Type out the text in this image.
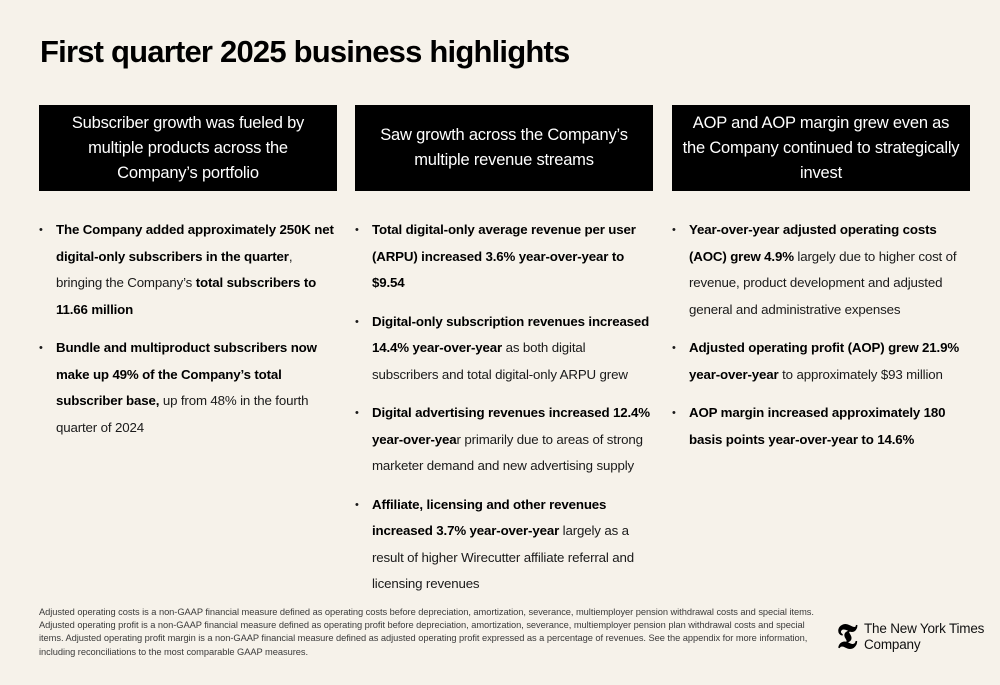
First quarter 2025 business highlights
Subscriber growth was fueled by multiple products across the Company’s portfolio
• The Company added approximately 250K net digital-only subscribers in the quarter, bringing the Company’s total subscribers to 11.66 million
• Bundle and multiproduct subscribers now make up 49% of the Company’s total subscriber base, up from 48% in the fourth quarter of 2024
Saw growth across the Company’s multiple revenue streams
• Total digital-only average revenue per user (ARPU) increased 3.6% year-over-year to $9.54
• Digital-only subscription revenues increased 14.4% year-over-year as both digital subscribers and total digital-only ARPU grew
• Digital advertising revenues increased 12.4% year-over-year primarily due to areas of strong marketer demand and new advertising supply
• Affiliate, licensing and other revenues increased 3.7% year-over-year largely as a result of higher Wirecutter affiliate referral and licensing revenues
AOP and AOP margin grew even as the Company continued to strategically invest
• Year-over-year adjusted operating costs (AOC) grew 4.9% largely due to higher cost of revenue, product development and adjusted general and administrative expenses
• Adjusted operating profit (AOP) grew 21.9% year-over-year to approximately $93 million
• AOP margin increased approximately 180 basis points year-over-year to 14.6%

Adjusted operating costs is a non-GAAP financial measure defined as operating costs before depreciation, amortization, severance, multiemployer pension withdrawal costs and special items. Adjusted operating profit is a non-GAAP financial measure defined as operating profit before depreciation, amortization, severance, multiemployer pension plan withdrawal costs and special items. Adjusted operating profit margin is a non-GAAP financial measure defined as adjusted operating profit expressed as a percentage of revenues. See the appendix for more information, including reconciliations to the most comparable GAAP measures.	𝕿 The New York Times
Company
